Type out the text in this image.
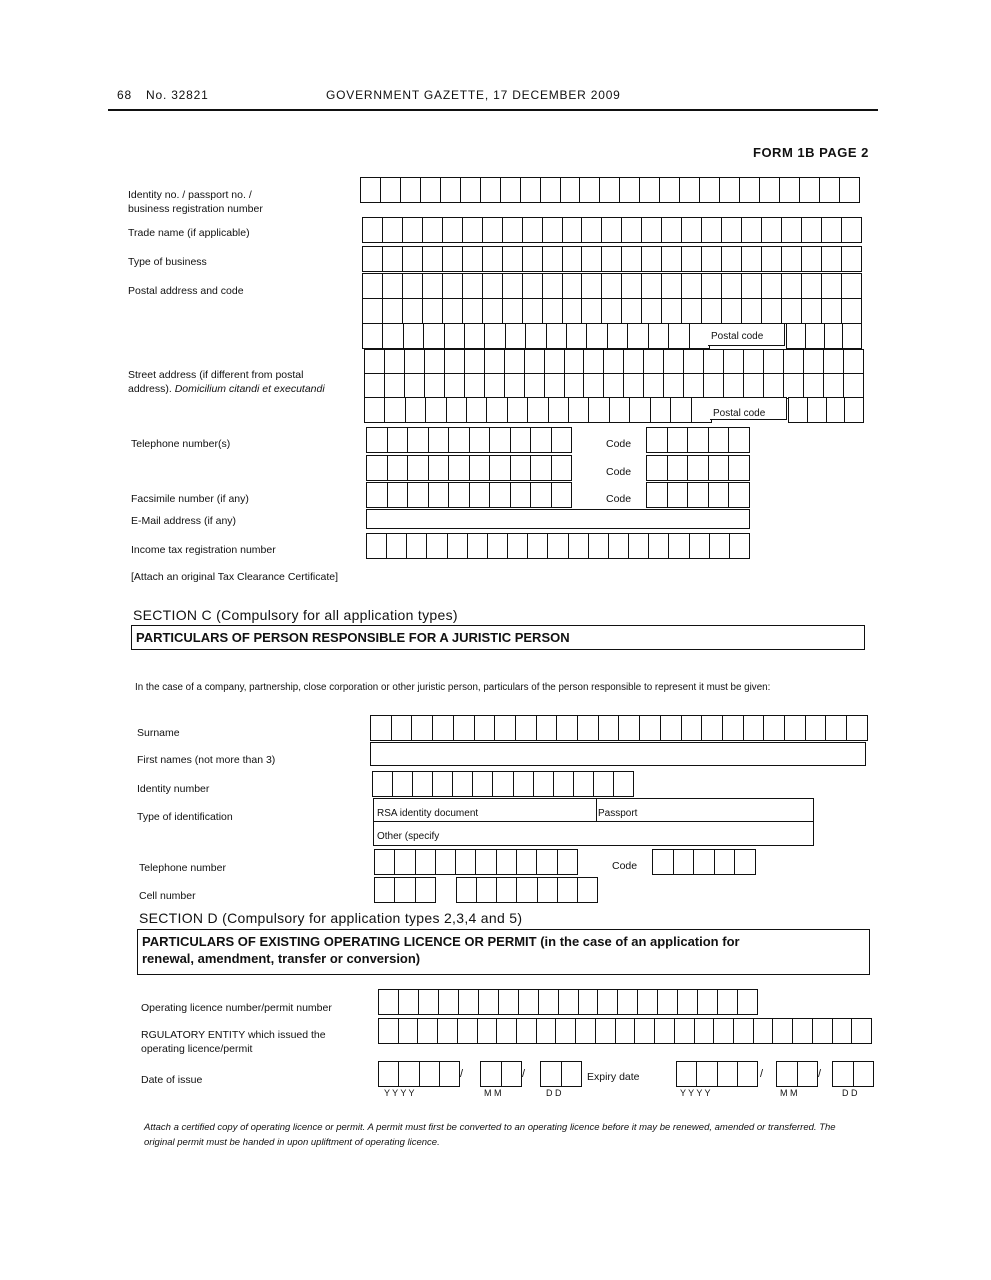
68 No. 32821	GOVERNMENT GAZETTE, 17 DECEMBER 2009
FORM 1B PAGE 2
Identity no. / passport no. /
business registration number
Trade name (if applicable)
Type of business
Postal address and code
Postal code
Street address (if different from postal
address). Domicilium citandi et executandi
Postal code
Telephone number(s)	Code
Code
Facsimile number (if any)	Code
E-Mail address (if any)
Income tax registration number
[Attach an original Tax Clearance Certificate]
SECTION C (Compulsory for all application types)
PARTICULARS OF PERSON RESPONSIBLE FOR A JURISTIC PERSON
In the case of a company, partnership, close corporation or other juristic person, particulars of the person responsible to represent it must be given:
Surname
First names (not more than 3)
Identity number
Type of identification	RSA identity document	Passport
Other (specify
Telephone number	Code
Cell number
SECTION D (Compulsory for application types 2,3,4 and 5)
PARTICULARS OF EXISTING OPERATING LICENCE OR PERMIT (in the case of an application for
renewal, amendment, transfer or conversion)
Operating licence number/permit number
RGULATORY ENTITY which issued the
operating licence/permit
Date of issue	/	/
Y Y Y Y	M M	D D
Expiry date	/	/
Y Y Y Y	M M	D D
Attach a certified copy of operating licence or permit. A permit must first be converted to an operating licence before it may be renewed, amended or transferred. The original permit must be handed in upon upliftment of operating licence.
